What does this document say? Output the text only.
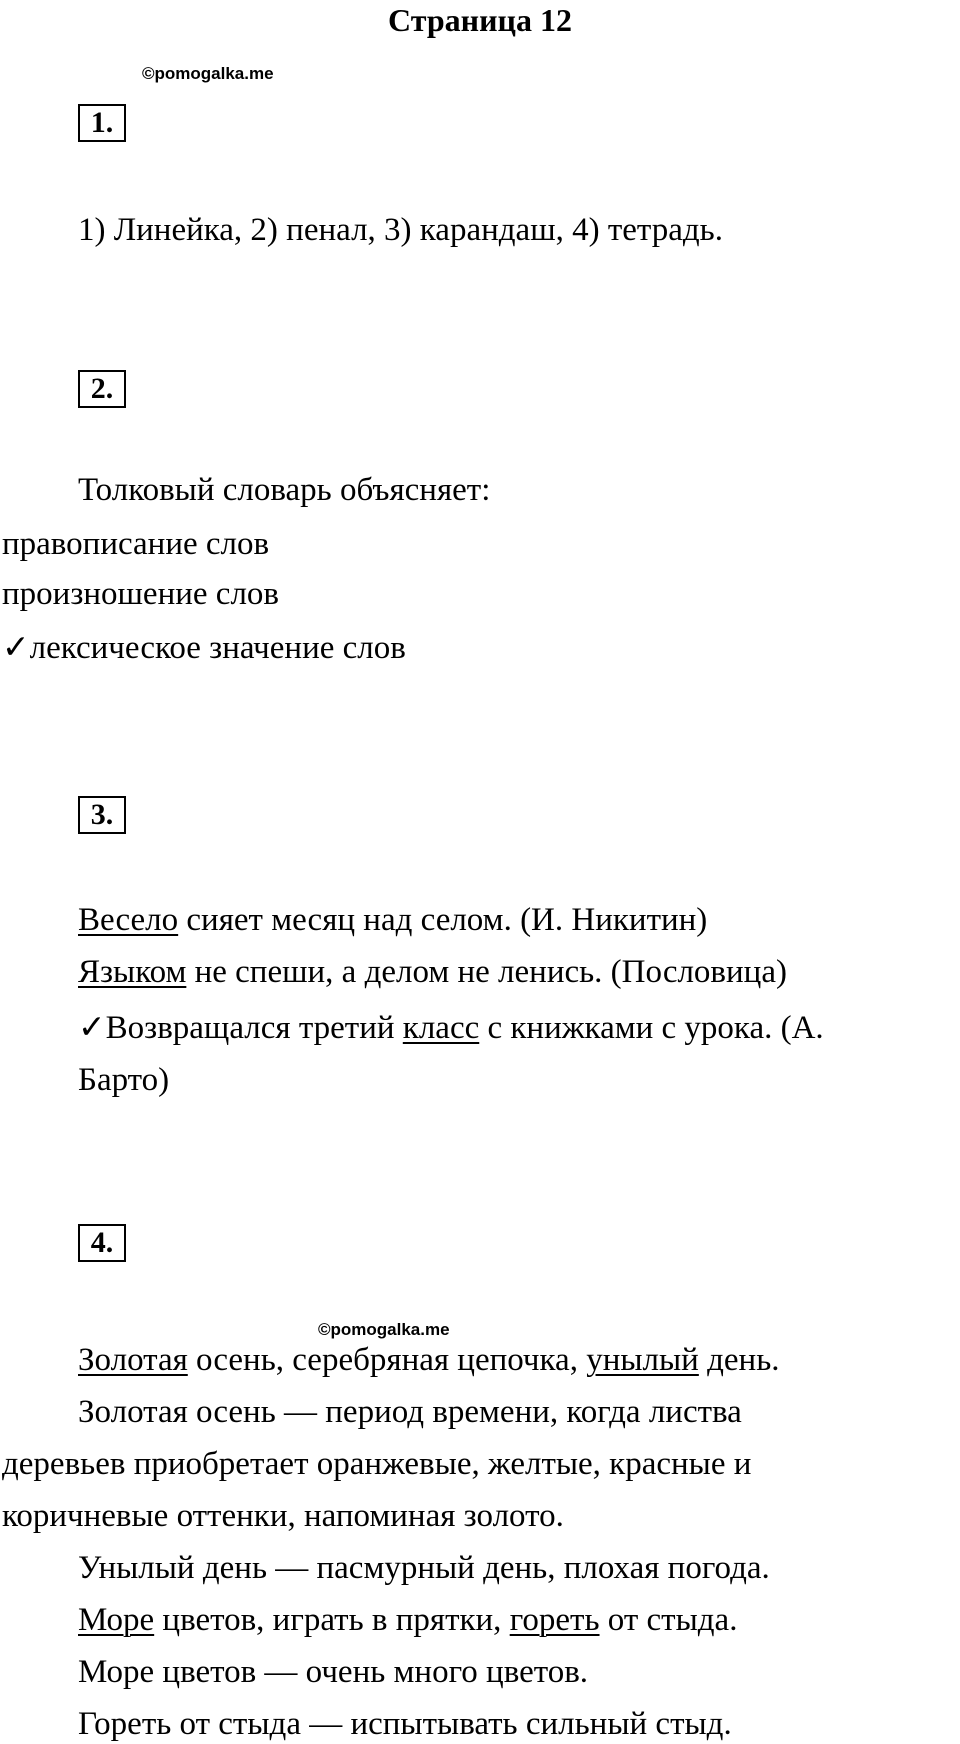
Страница 12
©pomogalka.me
1.
1) Линейка, 2) пенал, 3) карандаш, 4) тетрадь.
2.
Толковый словарь объясняет:
правописание слов
произношение слов
✓лексическое значение слов
3.
Весело сияет месяц над селом. (И. Никитин)
Языком не спеши, а делом не ленись. (Пословица)
✓Возвращался третий класс с книжками с урока. (А.
Барто)
4.
©pomogalka.me
Золотая осень, серебряная цепочка, унылый день.
Золотая осень — период времени, когда листва
деревьев приобретает оранжевые, желтые, красные и
коричневые оттенки, напоминая золото.
Унылый день — пасмурный день, плохая погода.
Море цветов, играть в прятки, гореть от стыда.
Море цветов — очень много цветов.
Гореть от стыда — испытывать сильный стыд.
